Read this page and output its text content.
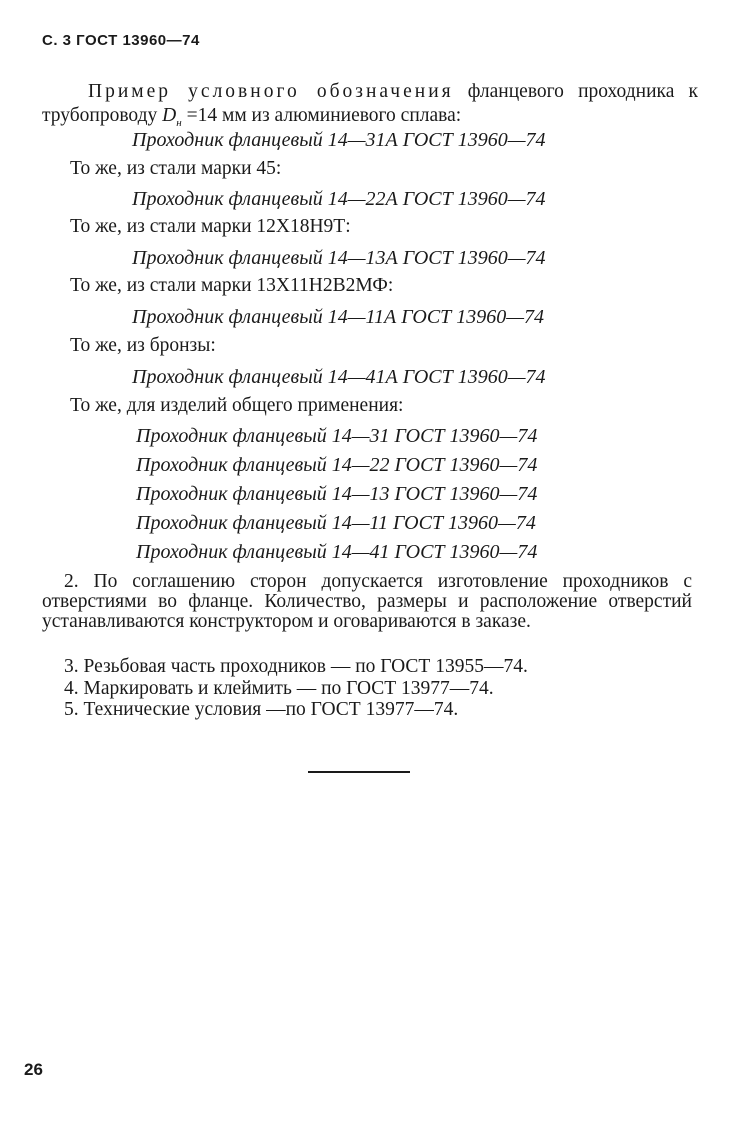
С. 3 ГОСТ 13960—74
Пример условного обозначения фланцевого проходника к трубопроводу $D_н =14$ мм из алюминиевого сплава:
Проходник фланцевый 14—31А ГОСТ 13960—74
То же, из стали марки 45:
Проходник фланцевый 14—22А ГОСТ 13960—74
То же, из стали марки 12Х18Н9Т:
Проходник фланцевый 14—13А ГОСТ 13960—74
То же, из стали марки 13Х11Н2В2МФ:
Проходник фланцевый 14—11А ГОСТ 13960—74
То же, из бронзы:
Проходник фланцевый 14—41А ГОСТ 13960—74
То же, для изделий общего применения:
Проходник фланцевый 14—31 ГОСТ 13960—74
Проходник фланцевый 14—22 ГОСТ 13960—74
Проходник фланцевый 14—13 ГОСТ 13960—74
Проходник фланцевый 14—11 ГОСТ 13960—74
Проходник фланцевый 14—41 ГОСТ 13960—74
2. По соглашению сторон допускается изготовление проходников с отверстиями во фланце. Количество, размеры и расположение отверстий устанавливаются конструктором и оговариваются в заказе.
3. Резьбовая часть проходников — по ГОСТ 13955—74.
4. Маркировать и клеймить — по ГОСТ 13977—74.
5. Технические условия —по ГОСТ 13977—74.
26
